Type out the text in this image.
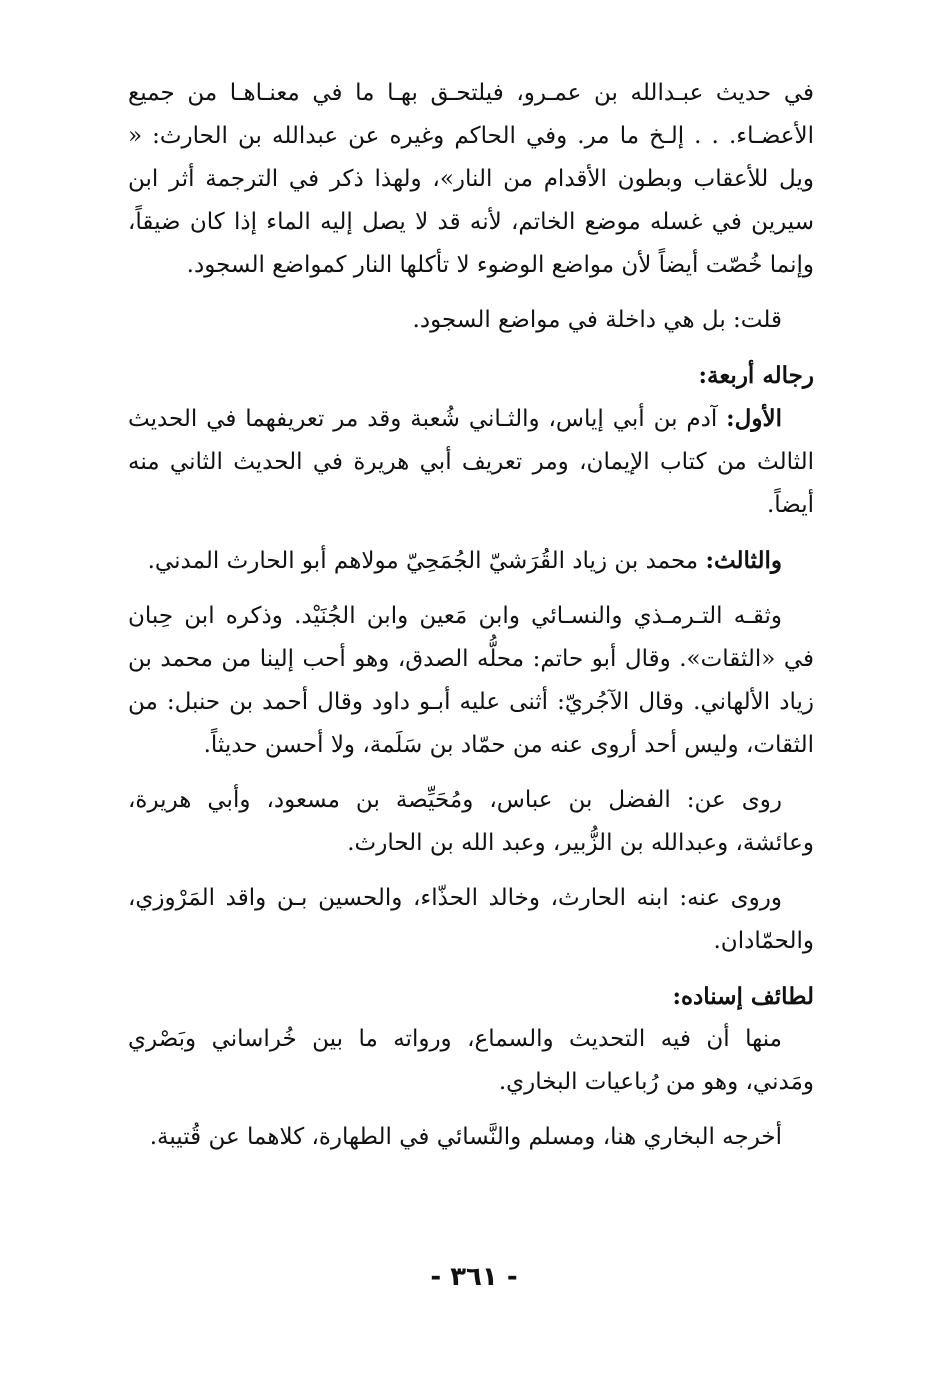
في حديث عبـدالله بن عمـرو، فيلتحـق بهـا ما في معنـاهـا من جميع الأعضـاء. . . إلـخ ما مر. وفي الحاكم وغيره عن عبدالله بن الحارث: « ويل للأعقاب وبطون الأقدام من النار»، ولهذا ذكر في الترجمة أثر ابن سيرين في غسله موضع الخاتم، لأنه قد لا يصل إليه الماء إذا كان ضيقاً، وإنما خُصّت أيضاً لأن مواضع الوضوء لا تأكلها النار كمواضع السجود.

قلت: بل هي داخلة في مواضع السجود.

رجاله أربعة:

الأول: آدم بن أبي إياس، والثـاني شُعبة وقد مر تعريفهما في الحديث الثالث من كتاب الإيمان، ومر تعريف أبي هريرة في الحديث الثاني منه أيضاً.

والثالث: محمد بن زياد القُرَشيّ الجُمَحِيّ مولاهم أبو الحارث المدني.

وثقـه التـرمـذي والنسـائي وابن مَعين وابن الجُنَيْد. وذكره ابن حِبان في «الثقات». وقال أبو حاتم: محلُّه الصدق، وهو أحب إلينا من محمد بن زياد الألهاني. وقال الآجُريّ: أثنى عليه أبـو داود وقال أحمد بن حنبل: من الثقات، وليس أحد أروى عنه من حمّاد بن سَلَمة، ولا أحسن حديثاً.

روى عن: الفضل بن عباس، ومُحَيِّصة بن مسعود، وأبي هريرة، وعائشة، وعبدالله بن الزُّبير، وعبد الله بن الحارث.

وروى عنه: ابنه الحارث، وخالد الحذّاء، والحسين بـن واقد المَرْوزي، والحمّادان.

لطائف إسناده:

منها أن فيه التحديث والسماع، ورواته ما بين خُراساني وبَصْري ومَدني، وهو من رُباعيات البخاري.

أخرجه البخاري هنا، ومسلم والنَّسائي في الطهارة، كلاهما عن قُتيبة.

- ٣٦١ -
